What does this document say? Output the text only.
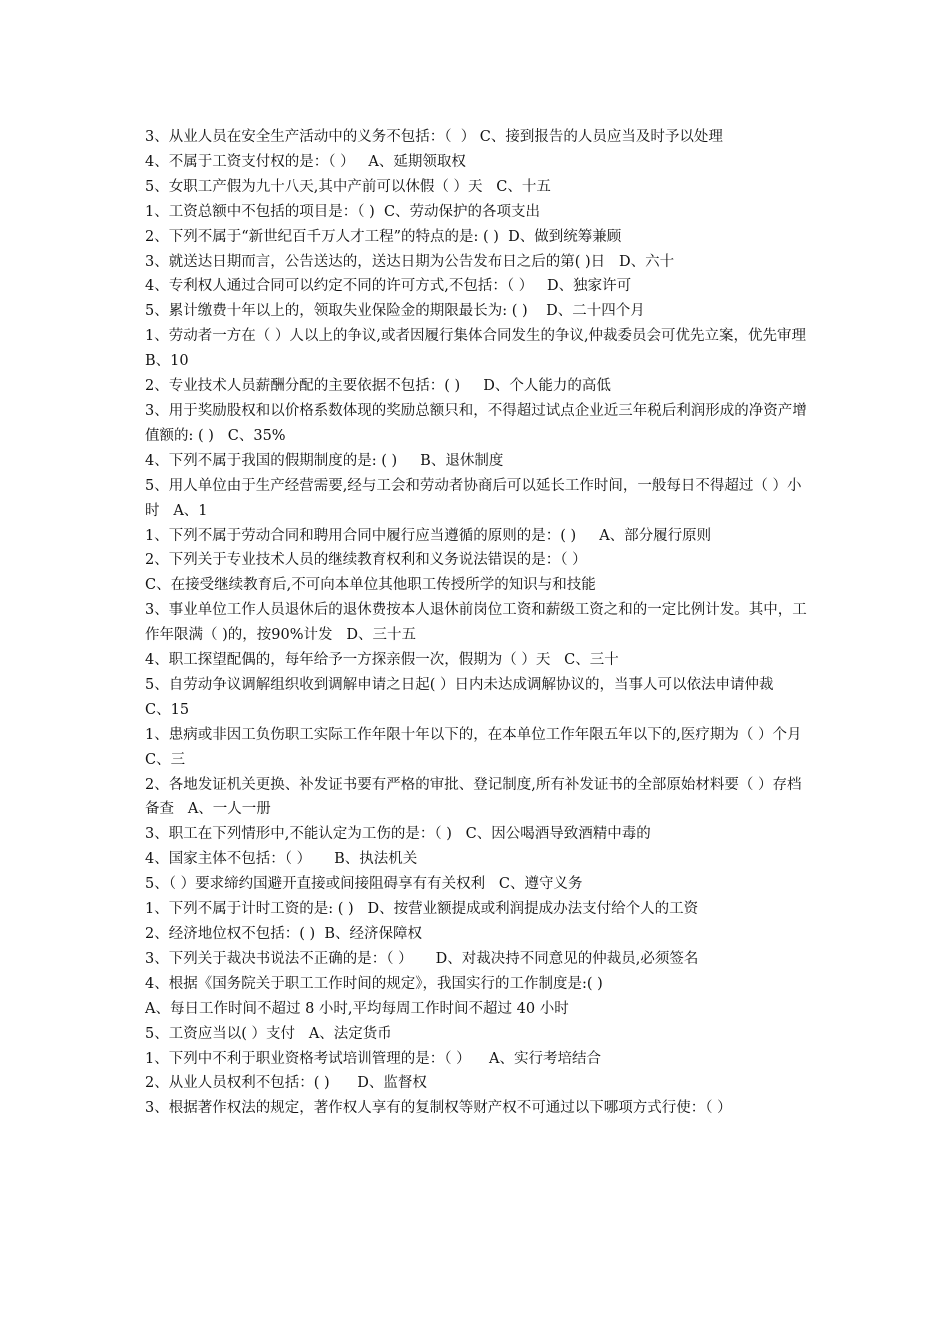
3、从业人员在安全生产活动中的义务不包括：（  ） C、接到报告的人员应当及时予以处理

4、不属于工资支付权的是：（ ）   A、延期领取权

5、女职工产假为九十八天,其中产前可以休假（ ）天   C、十五

1、工资总额中不包括的项目是：（ )  C、劳动保护的各项支出

2、下列不属于“新世纪百千万人才工程”的特点的是: ( )  D、做到统筹兼顾

3、就送达日期而言，公告送达的，送达日期为公告发布日之后的第( )日   D、六十

4、专利权人通过合同可以约定不同的许可方式,不包括：（ ）   D、独家许可

5、累计缴费十年以上的，领取失业保险金的期限最长为: ( )    D、二十四个月

1、劳动者一方在（ ）人以上的争议,或者因履行集体合同发生的争议,仲裁委员会可优先立案，优先审理   B、10

2、专业技术人员薪酬分配的主要依据不包括：( )     D、个人能力的高低

3、用于奖励股权和以价格系数体现的奖励总额只和，不得超过试点企业近三年税后利润形成的净资产增值额的: ( )   C、35%

4、下列不属于我国的假期制度的是: ( )     B、退休制度

5、用人单位由于生产经营需要,经与工会和劳动者协商后可以延长工作时间，一般每日不得超过（ ）小时   A、1

1、下列不属于劳动合同和聘用合同中履行应当遵循的原则的是：( )     A、部分履行原则

2、下列关于专业技术人员的继续教育权利和义务说法错误的是：（ ）

C、在接受继续教育后,不可向本单位其他职工传授所学的知识与和技能

3、事业单位工作人员退休后的退休费按本人退休前岗位工资和薪级工资之和的一定比例计发。其中，工作年限满（ )的，按90%计发   D、三十五

4、职工探望配偶的，每年给予一方探亲假一次，假期为（ ）天   C、三十

5、自劳动争议调解组织收到调解申请之日起( ）日内未达成调解协议的，当事人可以依法申请仲裁

C、15

1、患病或非因工负伤职工实际工作年限十年以下的，在本单位工作年限五年以下的,医疗期为（ ）个月

C、三

2、各地发证机关更换、补发证书要有严格的审批、登记制度,所有补发证书的全部原始材料要（ ）存档备查   A、一人一册

3、职工在下列情形中,不能认定为工伤的是：（ )   C、因公喝酒导致酒精中毒的

4、国家主体不包括：（ ）     B、执法机关

5、（ ）要求缔约国避开直接或间接阻碍享有有关权利   C、遵守义务

1、下列不属于计时工资的是: ( )   D、按营业额提成或利润提成办法支付给个人的工资

2、经济地位权不包括：( )  B、经济保障权

3、下列关于裁决书说法不正确的是：（ ）     D、对裁决持不同意见的仲裁员,必须签名

4、根据《国务院关于职工工作时间的规定》，我国实行的工作制度是:( )

A、每日工作时间不超过 8 小时,平均每周工作时间不超过 40 小时

5、工资应当以( ）支付   A、法定货币

1、下列中不利于职业资格考试培训管理的是：（ ）    A、实行考培结合

2、从业人员权利不包括：( )      D、监督权

3、根据著作权法的规定，著作权人享有的复制权等财产权不可通过以下哪项方式行使：（ ）
